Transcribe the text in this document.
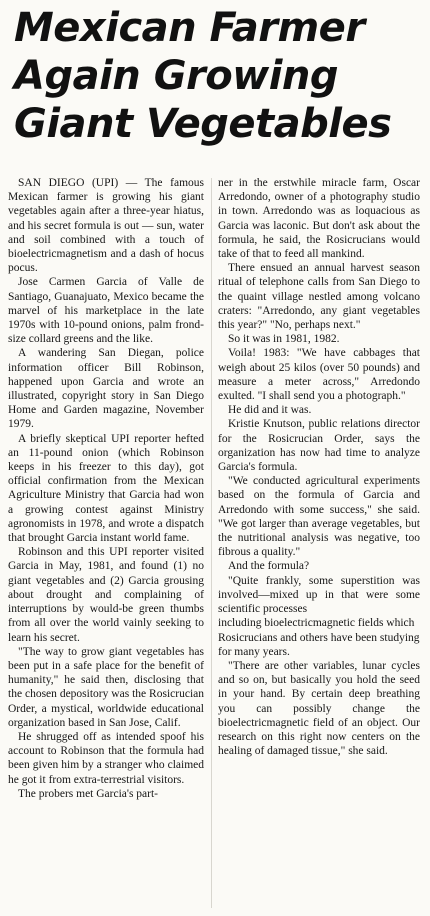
Mexican Farmer
Again Growing
Giant Vegetables

SAN DIEGO (UPI) — The famous Mexican farmer is growing his giant vegetables again after a three-year hiatus, and his secret formula is out — sun, water and soil combined with a touch of bioelectricmagnetism and a dash of hocus pocus.

Jose Carmen Garcia of Valle de Santiago, Guanajuato, Mexico became the marvel of his marketplace in the late 1970s with 10-pound onions, palm frond-size collard greens and the like.

A wandering San Diegan, police information officer Bill Robinson, happened upon Garcia and wrote an illustrated, copyright story in San Diego Home and Garden magazine, November 1979.

A briefly skeptical UPI reporter hefted an 11-pound onion (which Robinson keeps in his freezer to this day), got official confirmation from the Mexican Agriculture Ministry that Garcia had won a growing contest against Ministry agronomists in 1978, and wrote a dispatch that brought Garcia instant world fame.

Robinson and this UPI reporter visited Garcia in May, 1981, and found (1) no giant vegetables and (2) Garcia grousing about drought and complaining of interruptions by would-be green thumbs from all over the world vainly seeking to learn his secret.

"The way to grow giant vegetables has been put in a safe place for the benefit of humanity," he said then, disclosing that the chosen depository was the Rosicrucian Order, a mystical, worldwide educational organization based in San Jose, Calif.

He shrugged off as intended spoof his account to Robinson that the formula had been given him by a stranger who claimed he got it from extra-terrestrial visitors.

The probers met Garcia's part-

ner in the erstwhile miracle farm, Oscar Arredondo, owner of a photography studio in town. Arredondo was as loquacious as Garcia was laconic. But don't ask about the formula, he said, the Rosicrucians would take of that to feed all mankind.

There ensued an annual harvest season ritual of telephone calls from San Diego to the quaint village nestled among volcano craters: "Arredondo, any giant vegetables this year?" "No, perhaps next."

So it was in 1981, 1982.

Voila! 1983: "We have cabbages that weigh about 25 kilos (over 50 pounds) and measure a meter across," Arredondo exulted. "I shall send you a photograph."

He did and it was.

Kristie Knutson, public relations director for the Rosicrucian Order, says the organization has now had time to analyze Garcia's formula.

"We conducted agricultural experiments based on the formula of Garcia and Arredondo with some success," she said. "We got larger than average vegetables, but the nutritional analysis was negative, too fibrous a quality."

And the formula?

"Quite frankly, some superstition was involved—mixed up in that were some scientific processes

including bioelectricmagnetic fields which Rosicrucians and others have been studying for many years.

"There are other variables, lunar cycles and so on, but basically you hold the seed in your hand. By certain deep breathing you can possibly change the bioelectricmagnetic field of an object. Our research on this right now centers on the healing of damaged tissue," she said.
